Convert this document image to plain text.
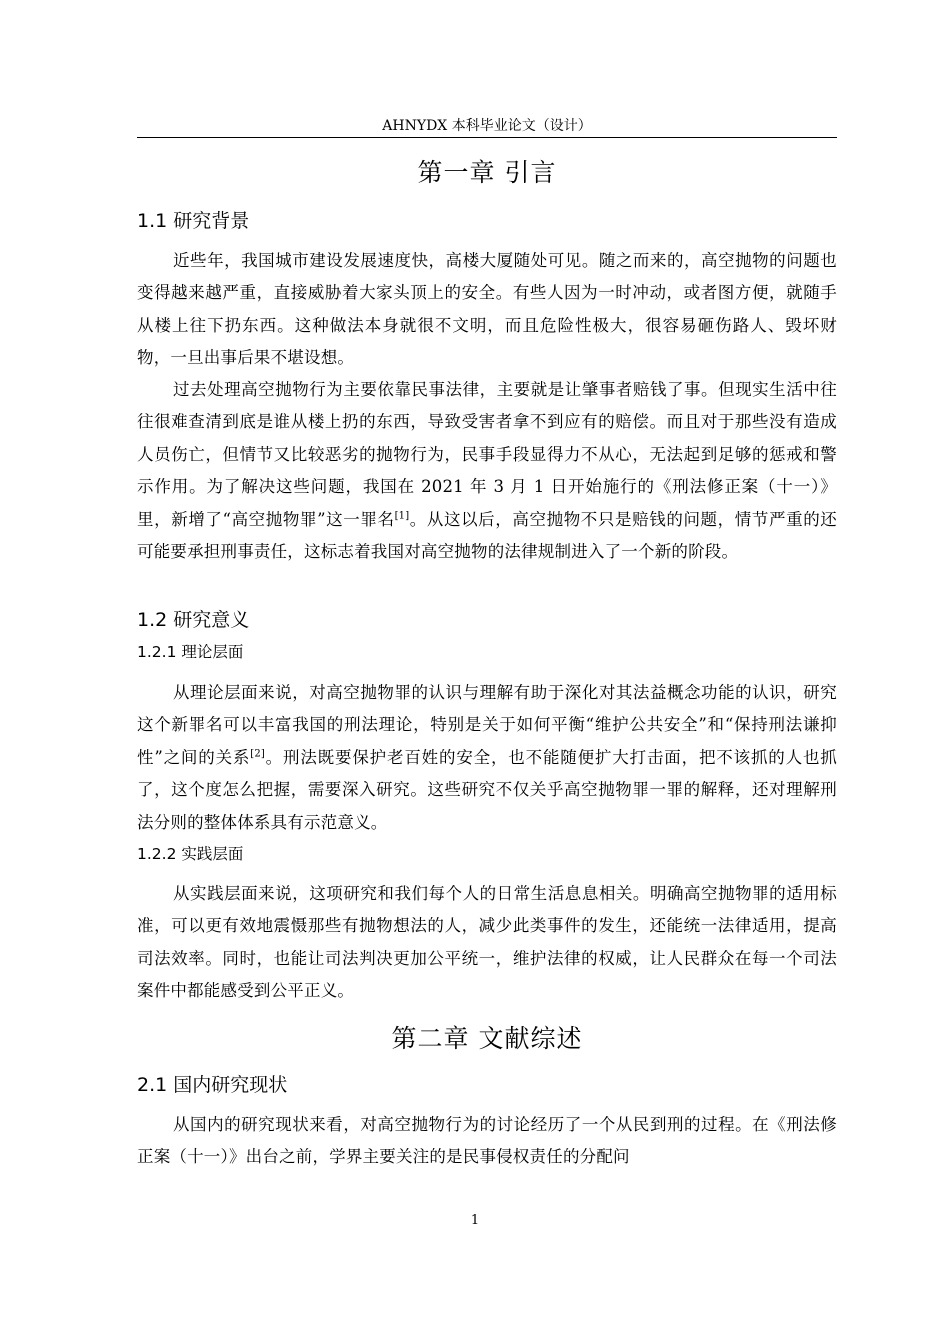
AHNYDX 本科毕业论文（设计）
第一章 引言
1.1 研究背景

近些年，我国城市建设发展速度快，高楼大厦随处可见。随之而来的，高空抛物的问题也变得越来越严重，直接威胁着大家头顶上的安全。有些人因为一时冲动，或者图方便，就随手从楼上往下扔东西。这种做法本身就很不文明，而且危险性极大，很容易砸伤路人、毁坏财物，一旦出事后果不堪设想。

过去处理高空抛物行为主要依靠民事法律，主要就是让肇事者赔钱了事。但现实生活中往往很难查清到底是谁从楼上扔的东西，导致受害者拿不到应有的赔偿。而且对于那些没有造成人员伤亡，但情节又比较恶劣的抛物行为，民事手段显得力不从心，无法起到足够的惩戒和警示作用。为了解决这些问题，我国在 2021 年 3 月 1 日开始施行的《刑法修正案（十一）》里，新增了“高空抛物罪”这一罪名[1]。从这以后，高空抛物不只是赔钱的问题，情节严重的还可能要承担刑事责任，这标志着我国对高空抛物的法律规制进入了一个新的阶段。

1.2 研究意义
1.2.1 理论层面

从理论层面来说，对高空抛物罪的认识与理解有助于深化对其法益概念功能的认识，研究这个新罪名可以丰富我国的刑法理论，特别是关于如何平衡“维护公共安全”和“保持刑法谦抑性”之间的关系[2]。刑法既要保护老百姓的安全，也不能随便扩大打击面，把不该抓的人也抓了，这个度怎么把握，需要深入研究。这些研究不仅关乎高空抛物罪一罪的解释，还对理解刑法分则的整体体系具有示范意义。

1.2.2 实践层面

从实践层面来说，这项研究和我们每个人的日常生活息息相关。明确高空抛物罪的适用标准，可以更有效地震慑那些有抛物想法的人，减少此类事件的发生，还能统一法律适用，提高司法效率。同时，也能让司法判决更加公平统一，维护法律的权威，让人民群众在每一个司法案件中都能感受到公平正义。

第二章 文献综述
2.1 国内研究现状

从国内的研究现状来看，对高空抛物行为的讨论经历了一个从民到刑的过程。在《刑法修正案（十一）》出台之前，学界主要关注的是民事侵权责任的分配问

1
